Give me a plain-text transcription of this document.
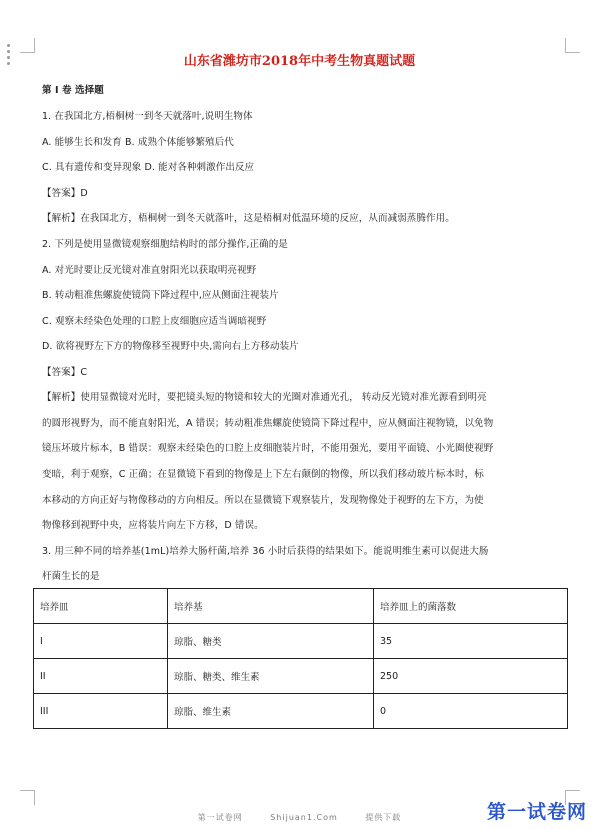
山东省潍坊市2018年中考生物真题试题
第 I 卷 选择题
1. 在我国北方,梧桐树一到冬天就落叶,说明生物体
A. 能够生长和发育 B. 成熟个体能够繁殖后代
C. 具有遗传和变异现象 D. 能对各种刺激作出反应
【答案】D
【解析】在我国北方，梧桐树一到冬天就落叶，这是梧桐对低温环境的反应，从而减弱蒸腾作用。
2. 下列是使用显微镜观察细胞结构时的部分操作,正确的是
A. 对光时要让反光镜对准直射阳光以获取明亮视野
B. 转动粗准焦螺旋使镜筒下降过程中,应从侧面注视装片
C. 观察未经染色处理的口腔上皮细胞应适当调暗视野
D. 欲将视野左下方的物像移至视野中央,需向右上方移动装片
【答案】C
【解析】使用显微镜对光时，要把镜头短的物镜和较大的光圈对准通光孔， 转动反光镜对准光源看到明亮
的圆形视野为，而不能直射阳光，A 错误；转动粗准焦螺旋使镜筒下降过程中，应从侧面注视物镜，以免物
镜压坏玻片标本，B 错误：观察未经染色的口腔上皮细胞装片时，不能用强光，要用平面镜、小光圈使视野
变暗，利于观察，C 正确；在显微镜下看到的物像是上下左右颠倒的物像，所以我们移动玻片标本时，标
本移动的方向正好与物像移动的方向相反。所以在显微镜下观察装片，发现物像处于视野的左下方，为使
物像移到视野中央，应将装片向左下方移，D 错误。
3. 用三种不同的培养基(1mL)培养大肠杆菌,培养 36 小时后获得的结果如下。能说明维生素可以促进大肠
杆菌生长的是
培养皿	培养基	培养皿上的菌落数
I	琼脂、糖类	35
II	琼脂、糖类、维生素	250
III	琼脂、维生素	0
第一试卷网	Shijuan1.Com	提供下载	第一试卷网
